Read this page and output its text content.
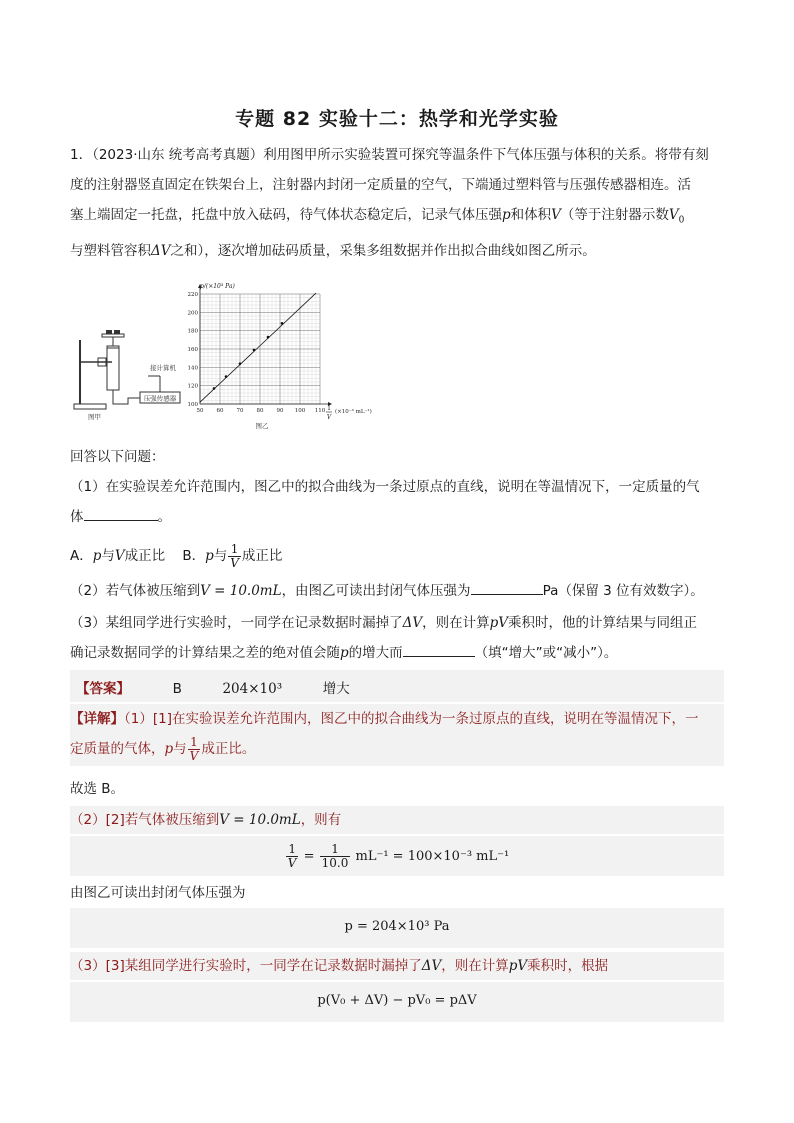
专题 82 实验十二：热学和光学实验
1．（2023·山东 统考高考真题）利用图甲所示实验装置可探究等温条件下气体压强与体积的关系。将带有刻
度的注射器竖直固定在铁架台上，注射器内封闭一定质量的空气，下端通过塑料管与压强传感器相连。活
塞上端固定一托盘，托盘中放入砝码，待气体状态稳定后，记录气体压强p和体积V（等于注射器示数$V_0$
与塑料管容积ΔV之和），逐次增加砝码质量，采集多组数据并作出拟合曲线如图乙所示。
压强传感器
接计算机
图甲
50 60 70 80 90 100 110
100
120
140
160
180
200
220
p/(×10³ Pa)
1
V
(×10⁻³ mL⁻¹)
图乙
回答以下问题：
（1）在实验误差允许范围内，图乙中的拟合曲线为一条过原点的直线，说明在等温情况下，一定质量的气
体	。
A．p与V成正比 B．p与 $\frac{1}{V}$ 成正比
（2）若气体被压缩到V = 10.0mL，由图乙可读出封闭气体压强为	Pa（保留 3 位有效数字）。
（3）某组同学进行实验时，一同学在记录数据时漏掉了ΔV，则在计算pV乘积时，他的计算结果与同组正
确记录数据同学的计算结果之差的绝对值会随p的增大而	（填“增大”或“减小”）。
【答案】	B	204×10³	增大
【详解】（1）[1]在实验误差允许范围内，图乙中的拟合曲线为一条过原点的直线，说明在等温情况下，一
定质量的气体，p与 $\frac{1}{V}$ 成正比。
故选 B。
（2）[2]若气体被压缩到V = 10.0mL，则有
$\frac{1}{V} = \frac{1}{10.0} mL^{-1} = 100\times 10^{-3}$ mL⁻¹
由图乙可读出封闭气体压强为
p = 204×10³ Pa
（3）[3]某组同学进行实验时，一同学在记录数据时漏掉了ΔV，则在计算pV乘积时，根据
p(V₀ + ΔV) − pV₀ = pΔV
